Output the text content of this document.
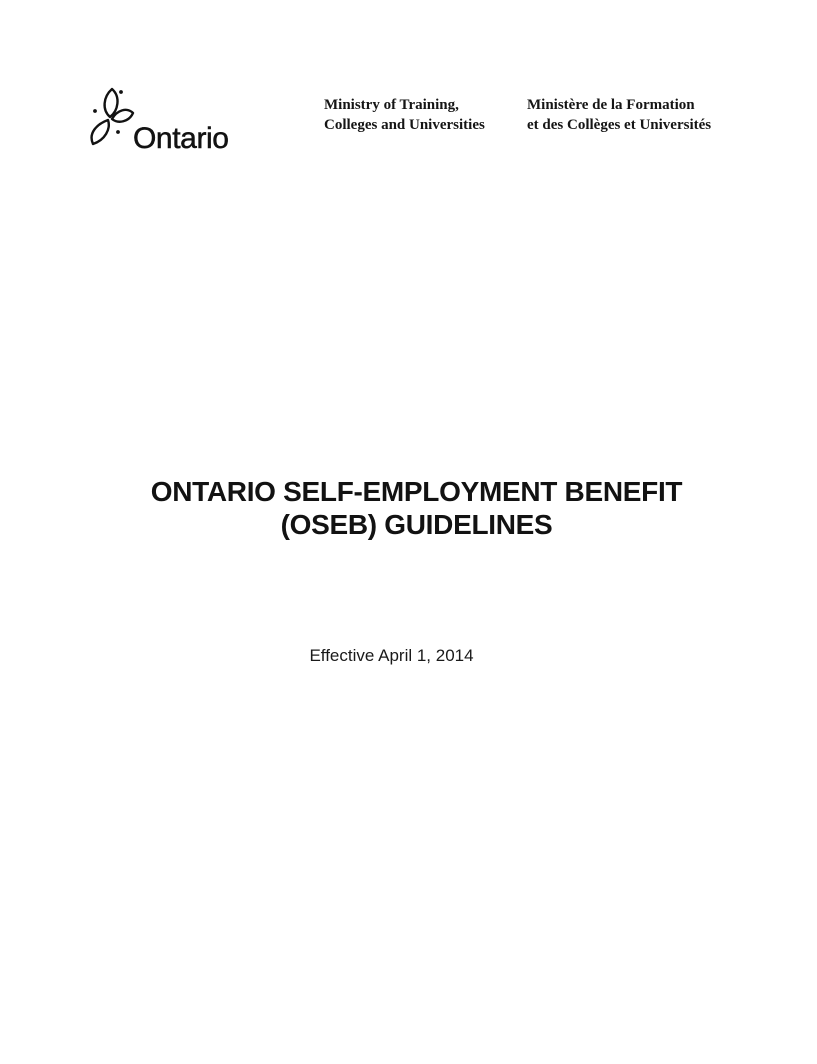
Ontario
Ministry of Training,
Colleges and Universities
Ministère de la Formation
et des Collèges et Universités
ONTARIO SELF-EMPLOYMENT BENEFIT
(OSEB) GUIDELINES
Effective April 1, 2014
